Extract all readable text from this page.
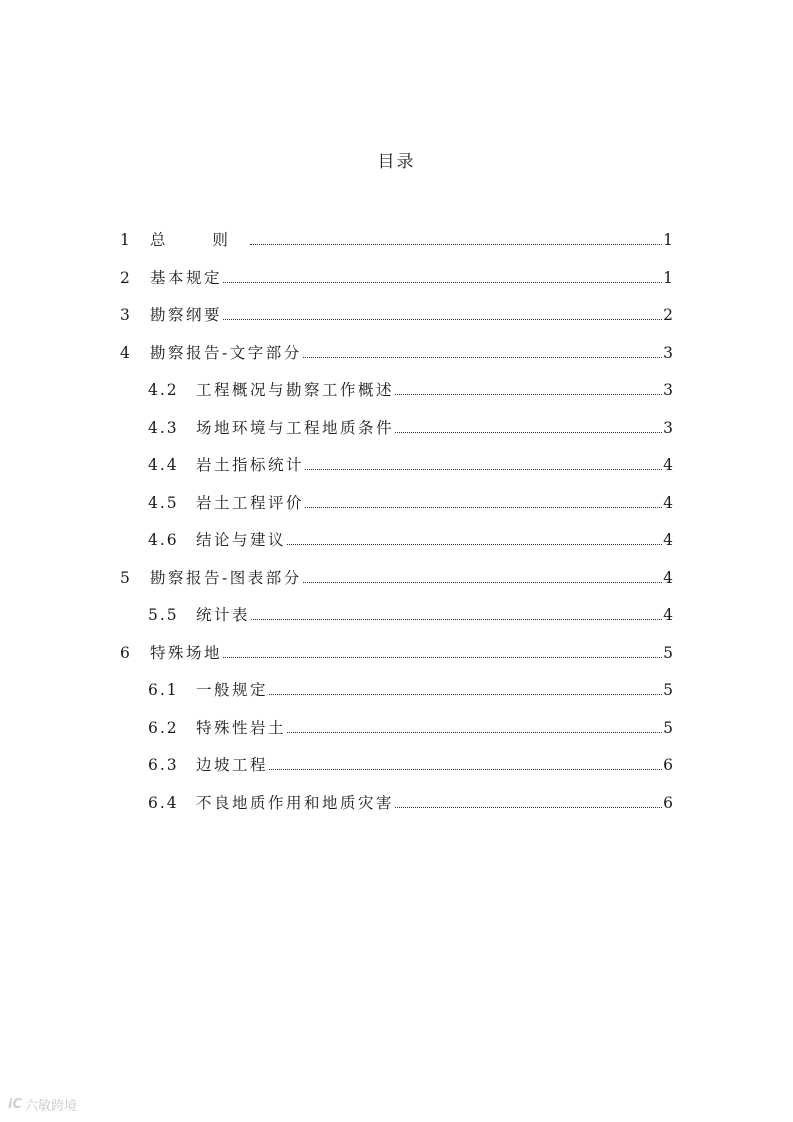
目录
1	总 则	1
2	基本规定	1
3	勘察纲要	2
4	勘察报告-文字部分	3
4.2	工程概况与勘察工作概述	3
4.3	场地环境与工程地质条件	3
4.4	岩土指标统计	4
4.5	岩土工程评价	4
4.6	结论与建议	4
5	勘察报告-图表部分	4
5.5	统计表	4
6	特殊场地	5
6.1	一般规定	5
6.2	特殊性岩土	5
6.3	边坡工程	6
6.4	不良地质作用和地质灾害	6
iC 六敏跨境
